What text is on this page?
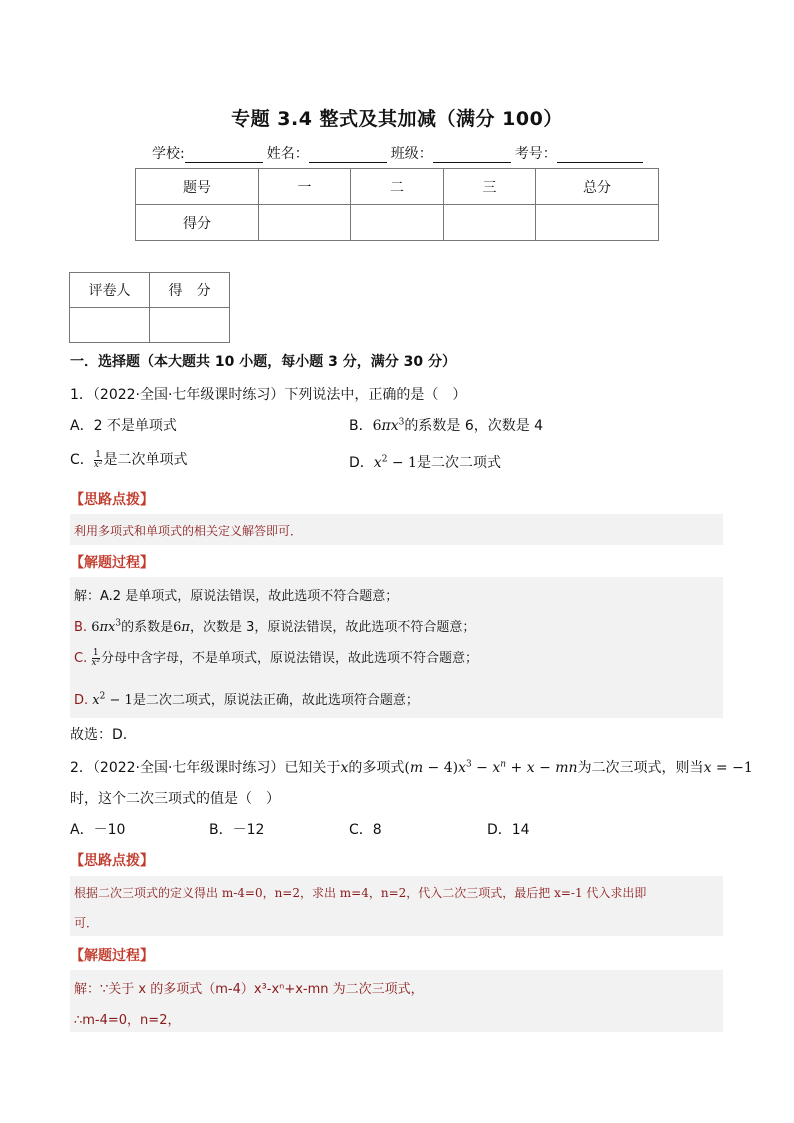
专题 3.4 整式及其加减（满分 100）
学校:	姓名：	班级：	考号：
题号	一	二	三	总分
得分				
评卷人	得　分

一．选择题（本大题共 10 小题，每小题 3 分，满分 30 分）
1．（2022·全国·七年级课时练习）下列说法中，正确的是（　）
A．2 不是单项式	B．$6\pi x^3$的系数是 6，次数是 4
C． $\frac{1}{\text{x²}}$ 是二次单项式	D．$x^2 - 1$是二次二项式
【思路点拨】
利用多项式和单项式的相关定义解答即可．
【解题过程】
解：A.2 是单项式，原说法错误，故此选项不符合题意；
B. $6\pi x^3$的系数是6π，次数是 3，原说法错误，故此选项不符合题意；
C. $\frac{1}{\text{x²}}$ 分母中含字母，不是单项式，原说法错误，故此选项不符合题意；
D. $x^2 - 1$是二次二项式，原说法正确，故此选项符合题意；
故选：D.
2．（2022·全国·七年级课时练习）已知关于x的多项式$(m - 4)x^3 - x^n + x$ − mn为二次三项式，则当x = −1
时，这个二次三项式的值是（　）
A．－10	B．－12	C．8	D．14
【思路点拨】
根据二次三项式的定义得出 m-4=0，n=2，求出 m=4，n=2，代入二次三项式，最后把 x=-1 代入求出即
可．
【解题过程】
解：∵关于 x 的多项式（m-4）x³-xⁿ+x-mn 为二次三项式，
∴m-4=0，n=2，
